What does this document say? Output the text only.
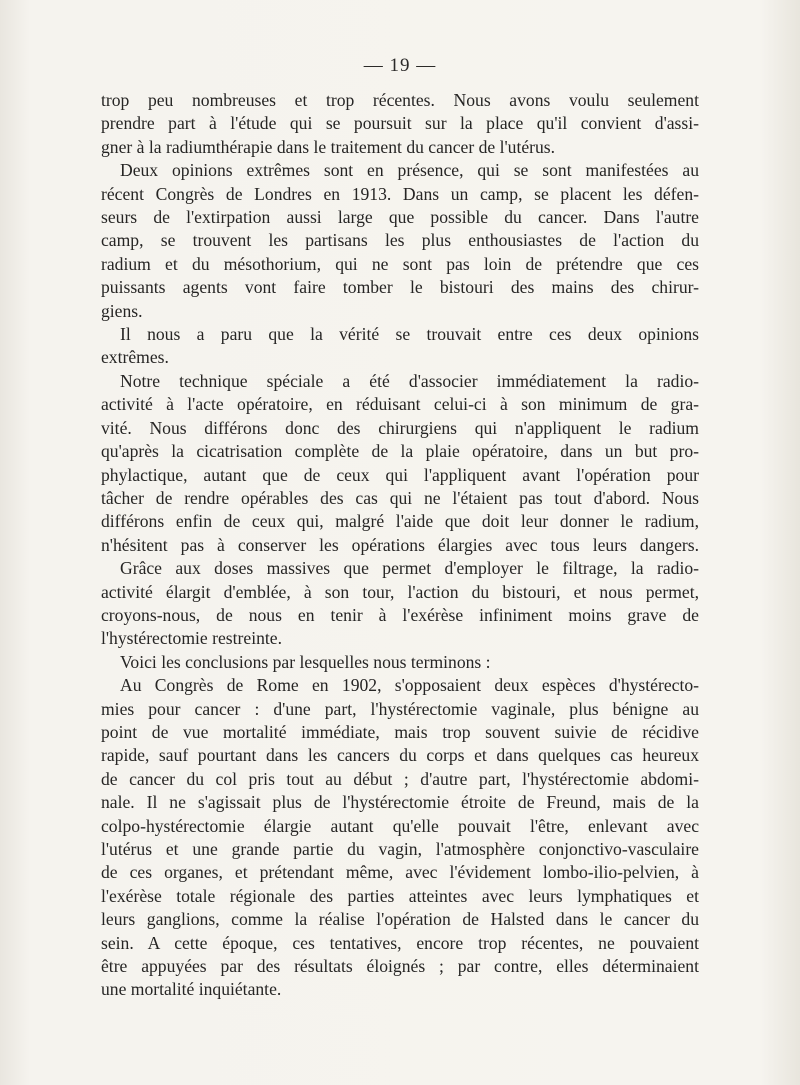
— 19 —

trop peu nombreuses et trop récentes. Nous avons voulu seulement
prendre part à l'étude qui se poursuit sur la place qu'il convient d'assi-
gner à la radiumthérapie dans le traitement du cancer de l'utérus.

Deux opinions extrêmes sont en présence, qui se sont manifestées au
récent Congrès de Londres en 1913. Dans un camp, se placent les défen-
seurs de l'extirpation aussi large que possible du cancer. Dans l'autre
camp, se trouvent les partisans les plus enthousiastes de l'action du
radium et du mésothorium, qui ne sont pas loin de prétendre que ces
puissants agents vont faire tomber le bistouri des mains des chirur-
giens.

Il nous a paru que la vérité se trouvait entre ces deux opinions
extrêmes.

Notre technique spéciale a été d'associer immédiatement la radio-
activité à l'acte opératoire, en réduisant celui-ci à son minimum de gra-
vité. Nous différons donc des chirurgiens qui n'appliquent le radium
qu'après la cicatrisation complète de la plaie opératoire, dans un but pro-
phylactique, autant que de ceux qui l'appliquent avant l'opération pour
tâcher de rendre opérables des cas qui ne l'étaient pas tout d'abord. Nous
différons enfin de ceux qui, malgré l'aide que doit leur donner le radium,
n'hésitent pas à conserver les opérations élargies avec tous leurs dangers.

Grâce aux doses massives que permet d'employer le filtrage, la radio-
activité élargit d'emblée, à son tour, l'action du bistouri, et nous permet,
croyons-nous, de nous en tenir à l'exérèse infiniment moins grave de
l'hystérectomie restreinte.

Voici les conclusions par lesquelles nous terminons :

Au Congrès de Rome en 1902, s'opposaient deux espèces d'hystérecto-
mies pour cancer : d'une part, l'hystérectomie vaginale, plus bénigne au
point de vue mortalité immédiate, mais trop souvent suivie de récidive
rapide, sauf pourtant dans les cancers du corps et dans quelques cas heureux
de cancer du col pris tout au début ; d'autre part, l'hystérectomie abdomi-
nale. Il ne s'agissait plus de l'hystérectomie étroite de Freund, mais de la
colpo-hystérectomie élargie autant qu'elle pouvait l'être, enlevant avec
l'utérus et une grande partie du vagin, l'atmosphère conjonctivo-vasculaire
de ces organes, et prétendant même, avec l'évidement lombo-ilio-pelvien, à
l'exérèse totale régionale des parties atteintes avec leurs lymphatiques et
leurs ganglions, comme la réalise l'opération de Halsted dans le cancer du
sein. A cette époque, ces tentatives, encore trop récentes, ne pouvaient
être appuyées par des résultats éloignés ; par contre, elles déterminaient
une mortalité inquiétante.
